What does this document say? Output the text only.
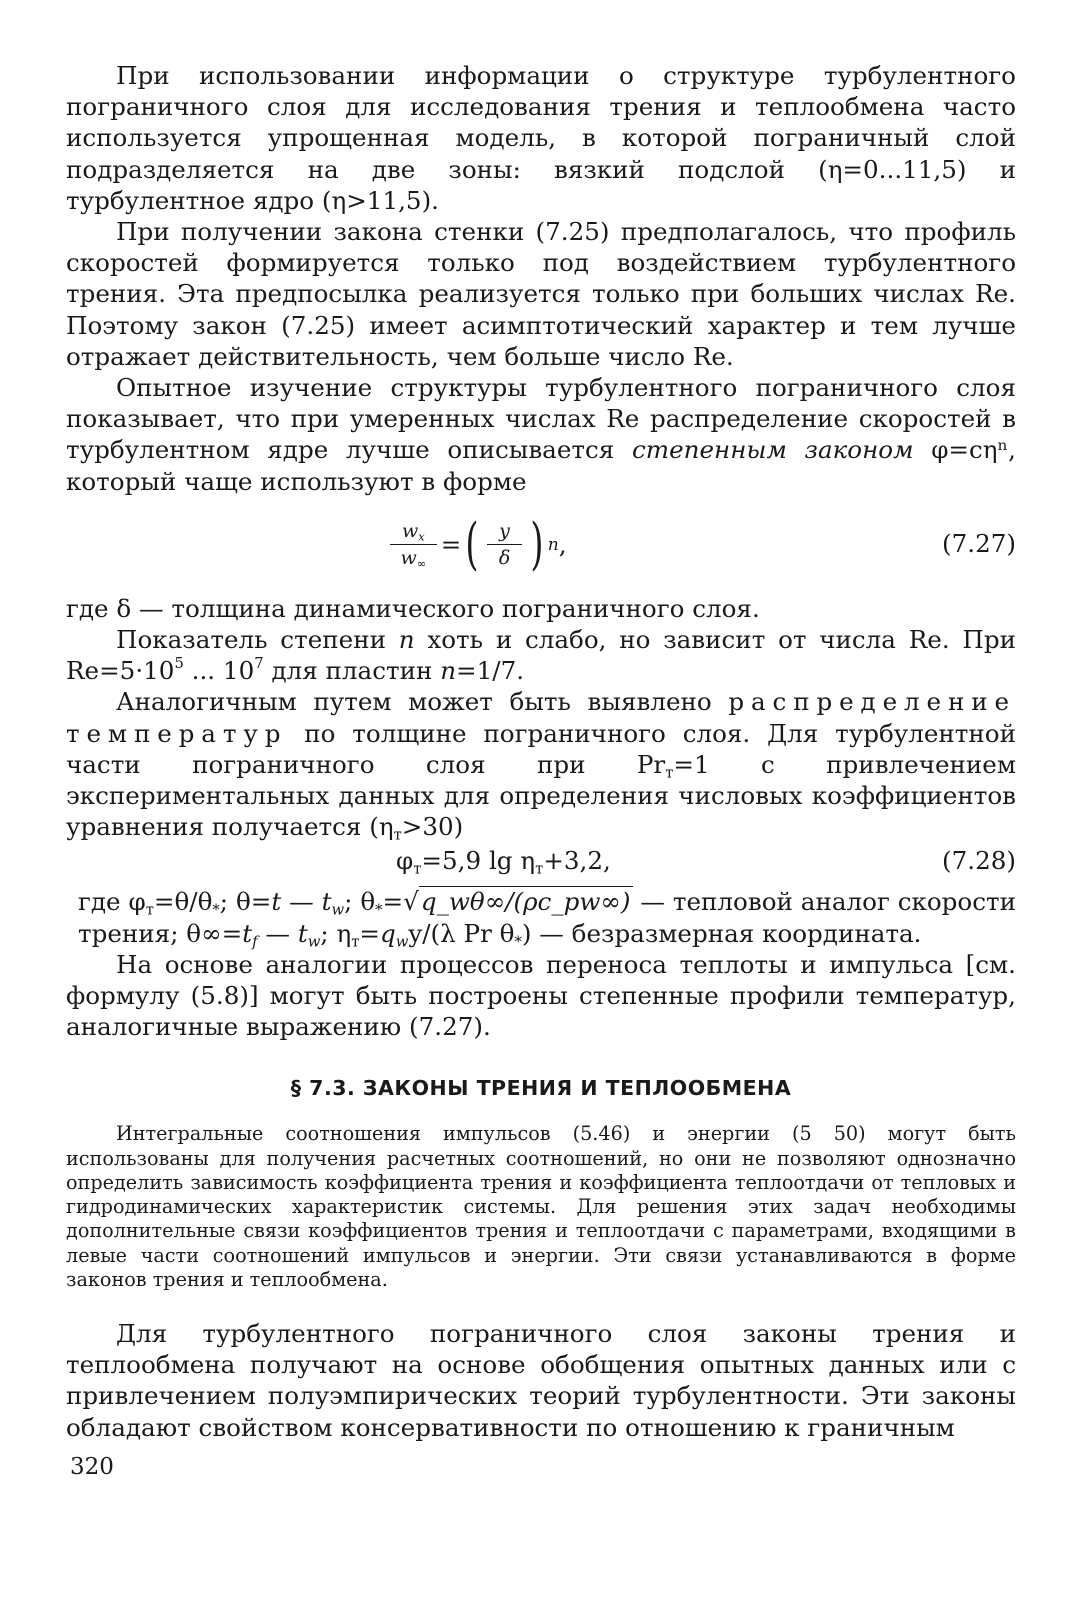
При использовании информации о структуре турбулентного пограничного слоя для исследования трения и теплообмена часто используется упрощенная модель, в которой пограничный слой подразделяется на две зоны: вязкий подслой (η=0...11,5) и турбулентное ядро (η>11,5).

При получении закона стенки (7.25) предполагалось, что профиль скоростей формируется только под воздействием турбулентного трения. Эта предпосылка реализуется только при больших числах Re. Поэтому закон (7.25) имеет асимптотический характер и тем лучше отражает действительность, чем больше число Re.

Опытное изучение структуры турбулентного пограничного слоя показывает, что при умеренных числах Re распределение скоростей в турбулентном ядре лучше описывается степенным законом φ=cηⁿ, который чаще используют в форме

$\frac{w_x}{w_\infty}$ = ( $\frac{y}{\delta}$ ) n ,	(7.27)

где δ — толщина динамического пограничного слоя.

Показатель степени n хоть и слабо, но зависит от числа Re. При $Re=5\cdot 10^5$ ... $10^7$ для пластин n=1/7.

Аналогичным путем может быть выявлено распределение температур по толщине пограничного слоя. Для турбулентной части пограничного слоя при $Pr_т=1$ с привлечением экспериментальных данных для определения числовых коэффициентов уравнения получается $(\eta_т>30)$

$\varphi_т=5,9$ $\lg \eta_т+3,2$,	(7.28)

где $\varphi_т=\theta/\theta_*$; θ=t — $t_w$; $\theta_*=√q\_w\theta\infty/(\rho c\_pw\infty)$ — тепловой аналог скорости трения; $\theta\infty=t_f$ — $t_w$; $\eta_т=q_wy/(\lambda$ Pr $\theta_*$) — безразмерная координата.

На основе аналогии процессов переноса теплоты и импульса [см. формулу (5.8)] могут быть построены степенные профили температур, аналогичные выражению (7.27).

§ 7.3. ЗАКОНЫ ТРЕНИЯ И ТЕПЛООБМЕНА

Интегральные соотношения импульсов (5.46) и энергии (5 50) могут быть использованы для получения расчетных соотношений, но они не позволяют однозначно определить зависимость коэффициента трения и коэффициента теплоотдачи от тепловых и гидродинамических характеристик системы. Для решения этих задач необходимы дополнительные связи коэффициентов трения и теплоотдачи с параметрами, входящими в левые части соотношений импульсов и энергии. Эти связи устанавливаются в форме законов трения и теплообмена.

Для турбулентного пограничного слоя законы трения и теплообмена получают на основе обобщения опытных данных или с привлечением полуэмпирических теорий турбулентности. Эти законы обладают свойством консервативности по отношению к граничным

320
